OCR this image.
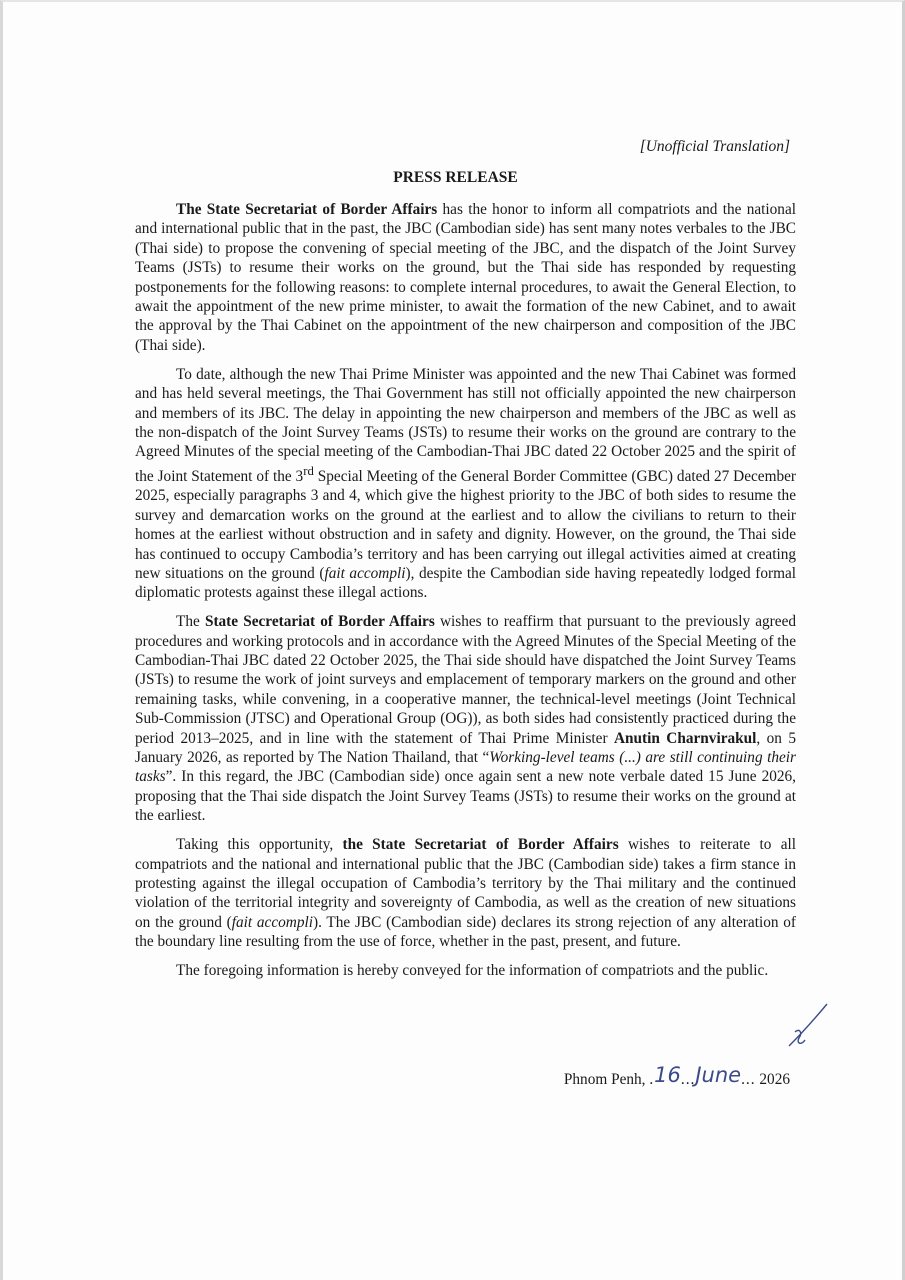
[Unofficial Translation]
PRESS RELEASE

The State Secretariat of Border Affairs has the honor to inform all compatriots and the national and international public that in the past, the JBC (Cambodian side) has sent many notes verbales to the JBC (Thai side) to propose the convening of special meeting of the JBC, and the dispatch of the Joint Survey Teams (JSTs) to resume their works on the ground, but the Thai side has responded by requesting postponements for the following reasons: to complete internal procedures, to await the General Election, to await the appointment of the new prime minister, to await the formation of the new Cabinet, and to await the approval by the Thai Cabinet on the appointment of the new chairperson and composition of the JBC (Thai side).

To date, although the new Thai Prime Minister was appointed and the new Thai Cabinet was formed and has held several meetings, the Thai Government has still not officially appointed the new chairperson and members of its JBC. The delay in appointing the new chairperson and members of the JBC as well as the non-dispatch of the Joint Survey Teams (JSTs) to resume their works on the ground are contrary to the Agreed Minutes of the special meeting of the Cambodian-Thai JBC dated 22 October 2025 and the spirit of the Joint Statement of the 3rd Special Meeting of the General Border Committee (GBC) dated 27 December 2025, especially paragraphs 3 and 4, which give the highest priority to the JBC of both sides to resume the survey and demarcation works on the ground at the earliest and to allow the civilians to return to their homes at the earliest without obstruction and in safety and dignity. However, on the ground, the Thai side has continued to occupy Cambodia’s territory and has been carrying out illegal activities aimed at creating new situations on the ground (fait accompli), despite the Cambodian side having repeatedly lodged formal diplomatic protests against these illegal actions.

The State Secretariat of Border Affairs wishes to reaffirm that pursuant to the previously agreed procedures and working protocols and in accordance with the Agreed Minutes of the Special Meeting of the Cambodian-Thai JBC dated 22 October 2025, the Thai side should have dispatched the Joint Survey Teams (JSTs) to resume the work of joint surveys and emplacement of temporary markers on the ground and other remaining tasks, while convening, in a cooperative manner, the technical-level meetings (Joint Technical Sub-Commission (JTSC) and Operational Group (OG)), as both sides had consistently practiced during the period 2013–2025, and in line with the statement of Thai Prime Minister Anutin Charnvirakul, on 5 January 2026, as reported by The Nation Thailand, that “Working-level teams (...) are still continuing their tasks”. In this regard, the JBC (Cambodian side) once again sent a new note verbale dated 15 June 2026, proposing that the Thai side dispatch the Joint Survey Teams (JSTs) to resume their works on the ground at the earliest.

Taking this opportunity, the State Secretariat of Border Affairs wishes to reiterate to all compatriots and the national and international public that the JBC (Cambodian side) takes a firm stance in protesting against the illegal occupation of Cambodia’s territory by the Thai military and the continued violation of the territorial integrity and sovereignty of Cambodia, as well as the creation of new situations on the ground (fait accompli). The JBC (Cambodian side) declares its strong rejection of any alteration of the boundary line resulting from the use of force, whether in the past, present, and future.

The foregoing information is hereby conveyed for the information of compatriots and the public.

Phnom Penh, .16...June... 2026
